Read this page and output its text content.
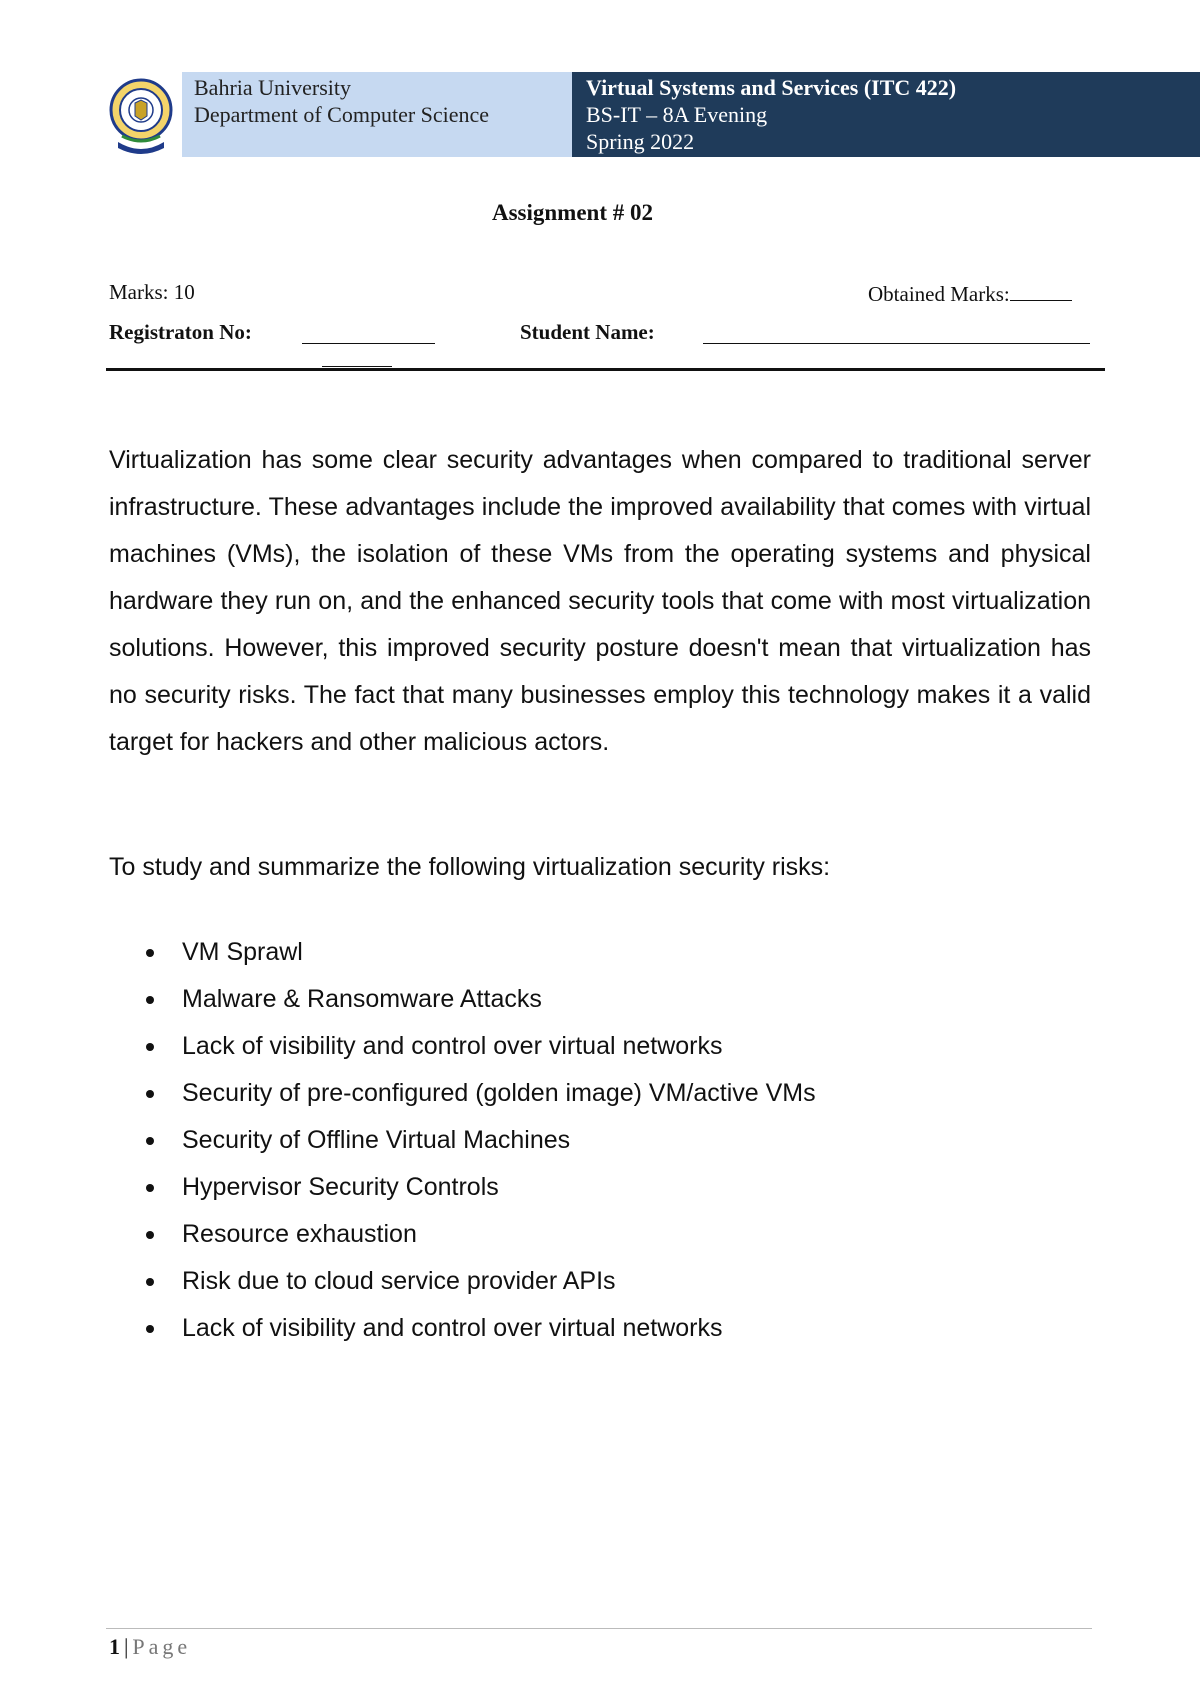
Bahria University
Department of Computer Science
Virtual Systems and Services (ITC 422)
BS-IT – 8A Evening
Spring 2022
Assignment # 02
Marks: 10	Obtained Marks:
Registraton No:	Student Name:

Virtualization has some clear security advantages when compared to traditional server infrastructure. These advantages include the improved availability that comes with virtual machines (VMs), the isolation of these VMs from the operating systems and physical hardware they run on, and the enhanced security tools that come with most virtualization solutions. However, this improved security posture doesn't mean that virtualization has no security risks. The fact that many businesses employ this technology makes it a valid target for hackers and other malicious actors.

To study and summarize the following virtualization security risks:

VM Sprawl
Malware & Ransomware Attacks
Lack of visibility and control over virtual networks
Security of pre-configured (golden image) VM/active VMs
Security of Offline Virtual Machines
Hypervisor Security Controls
Resource exhaustion
Risk due to cloud service provider APIs
Lack of visibility and control over virtual networks
1 | Page
